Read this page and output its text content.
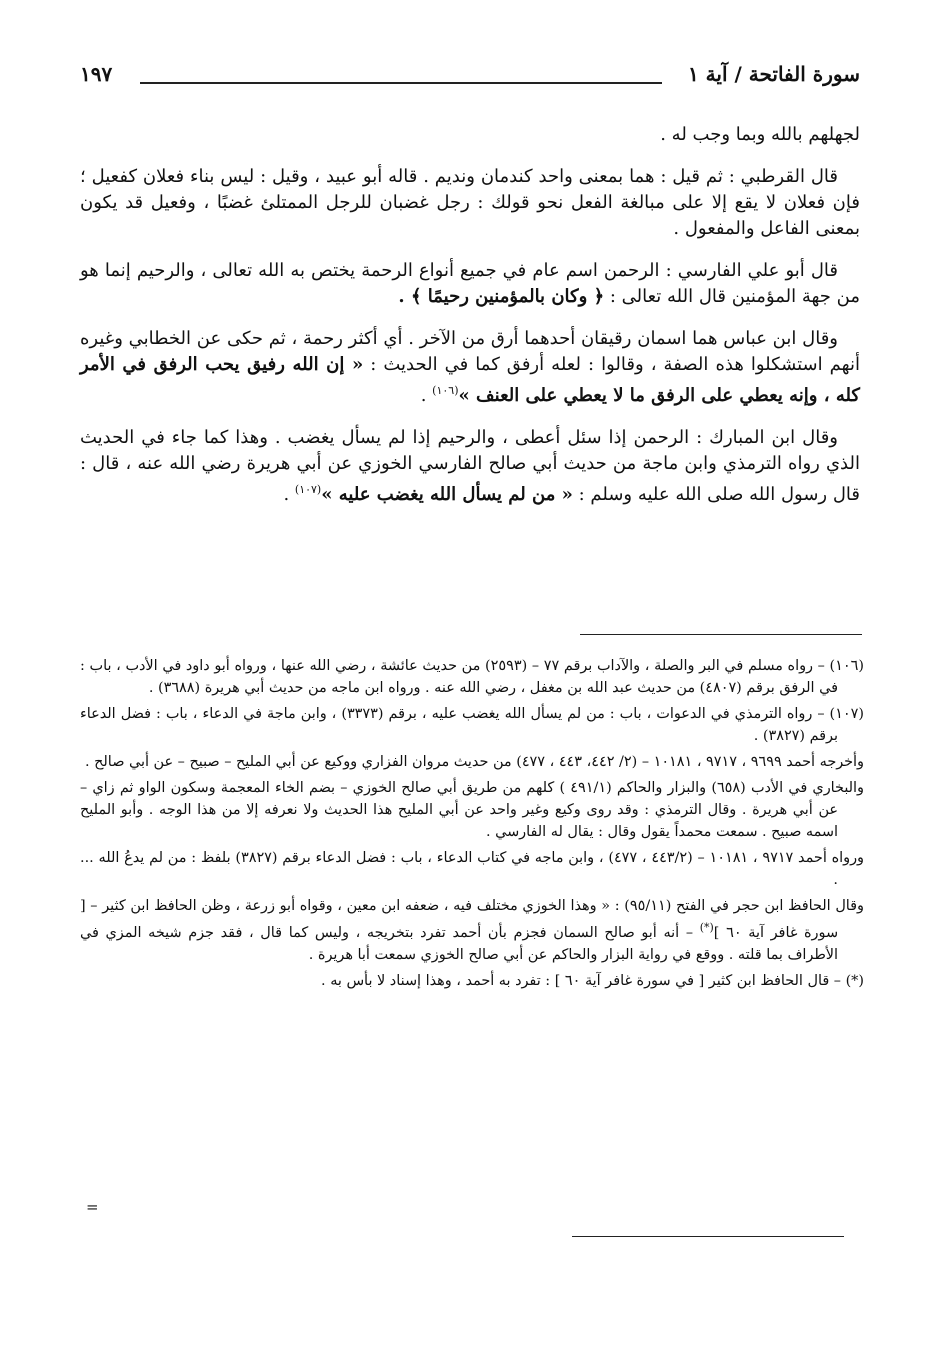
١٩٧	سورة الفاتحة / آية ١

لجهلهم بالله وبما وجب له .

قال القرطبي : ثم قيل : هما بمعنى واحد كندمان ونديم . قاله أبو عبيد ، وقيل : ليس بناء فعلان كفعيل ؛ فإن فعلان لا يقع إلا على مبالغة الفعل نحو قولك : رجل غضبان للرجل الممتلئ غضبًا ، وفعيل قد يكون بمعنى الفاعل والمفعول .

قال أبو علي الفارسي : الرحمن اسم عام في جميع أنواع الرحمة يختص به الله تعالى ، والرحيم إنما هو من جهة المؤمنين قال الله تعالى : ﴿ وكان بالمؤمنين رحيمًا ﴾ .

وقال ابن عباس هما اسمان رقيقان أحدهما أرق من الآخر . أي أكثر رحمة ، ثم حكى عن الخطابي وغيره أنهم استشكلوا هذه الصفة ، وقالوا : لعله أرفق كما في الحديث : « إن الله رفيق يحب الرفق في الأمر كله ، وإنه يعطي على الرفق ما لا يعطي على العنف »$^{(١٠٦)}$ .

وقال ابن المبارك : الرحمن إذا سئل أعطى ، والرحيم إذا لم يسأل يغضب . وهذا كما جاء في الحديث الذي رواه الترمذي وابن ماجة من حديث أبي صالح الفارسي الخوزي عن أبي هريرة رضي الله عنه ، قال : قال رسول الله صلى الله عليه وسلم : « من لم يسأل الله يغضب عليه »$^{(١٠٧)}$ .

(١٠٦) – رواه مسلم في البر والصلة ، والآداب برقم ٧٧ – (٢٥٩٣) من حديث عائشة ، رضي الله عنها ، ورواه أبو داود في الأدب ، باب : في الرفق برقم (٤٨٠٧) من حديث عبد الله بن مغفل ، رضي الله عنه . ورواه ابن ماجه من حديث أبي هريرة (٣٦٨٨) .

(١٠٧) – رواه الترمذي في الدعوات ، باب : من لم يسأل الله يغضب عليه ، برقم (٣٣٧٣) ، وابن ماجة في الدعاء ، باب : فضل الدعاء برقم (٣٨٢٧) .

وأخرجه أحمد ٩٦٩٩ ، ٩٧١٧ ، ١٠١٨١ – (٢/ ٤٤٢، ٤٤٣ ، ٤٧٧) من حديث مروان الفزاري ووكيع عن أبي المليح – صبيح – عن أبي صالح .

والبخاري في الأدب (٦٥٨) والبزار والحاكم (٤٩١/١ ) كلهم من طريق أبي صالح الخوزي – بضم الخاء المعجمة وسكون الواو ثم زاي – عن أبي هريرة . وقال الترمذي : وقد روى وكيع وغير واحد عن أبي المليح هذا الحديث ولا نعرفه إلا من هذا الوجه . وأبو المليح اسمه صبيح . سمعت محمداً يقول وقال : يقال له الفارسي .

ورواه أحمد ٩٧١٧ ، ١٠١٨١ – (٤٤٣/٢ ، ٤٧٧) ، وابن ماجه في كتاب الدعاء ، باب : فضل الدعاء برقم (٣٨٢٧) بلفظ : من لم يدعُ الله ... .

وقال الحافظ ابن حجر في الفتح (٩٥/١١) : « وهذا الخوزي مختلف فيه ، ضعفه ابن معين ، وقواه أبو زرعة ، وظن الحافظ ابن كثير – [ سورة غافر آية ٦٠ ](*) – أنه أبو صالح السمان فجزم بأن أحمد تفرد بتخريجه ، وليس كما قال ، فقد جزم شيخه المزي في الأطراف بما قلته . ووقع في رواية البزار والحاكم عن أبي صالح الخوزي سمعت أبا هريرة .

(*) – قال الحافظ ابن كثير [ في سورة غافر آية ٦٠ ] : تفرد به أحمد ، وهذا إسناد لا بأس به .

=
